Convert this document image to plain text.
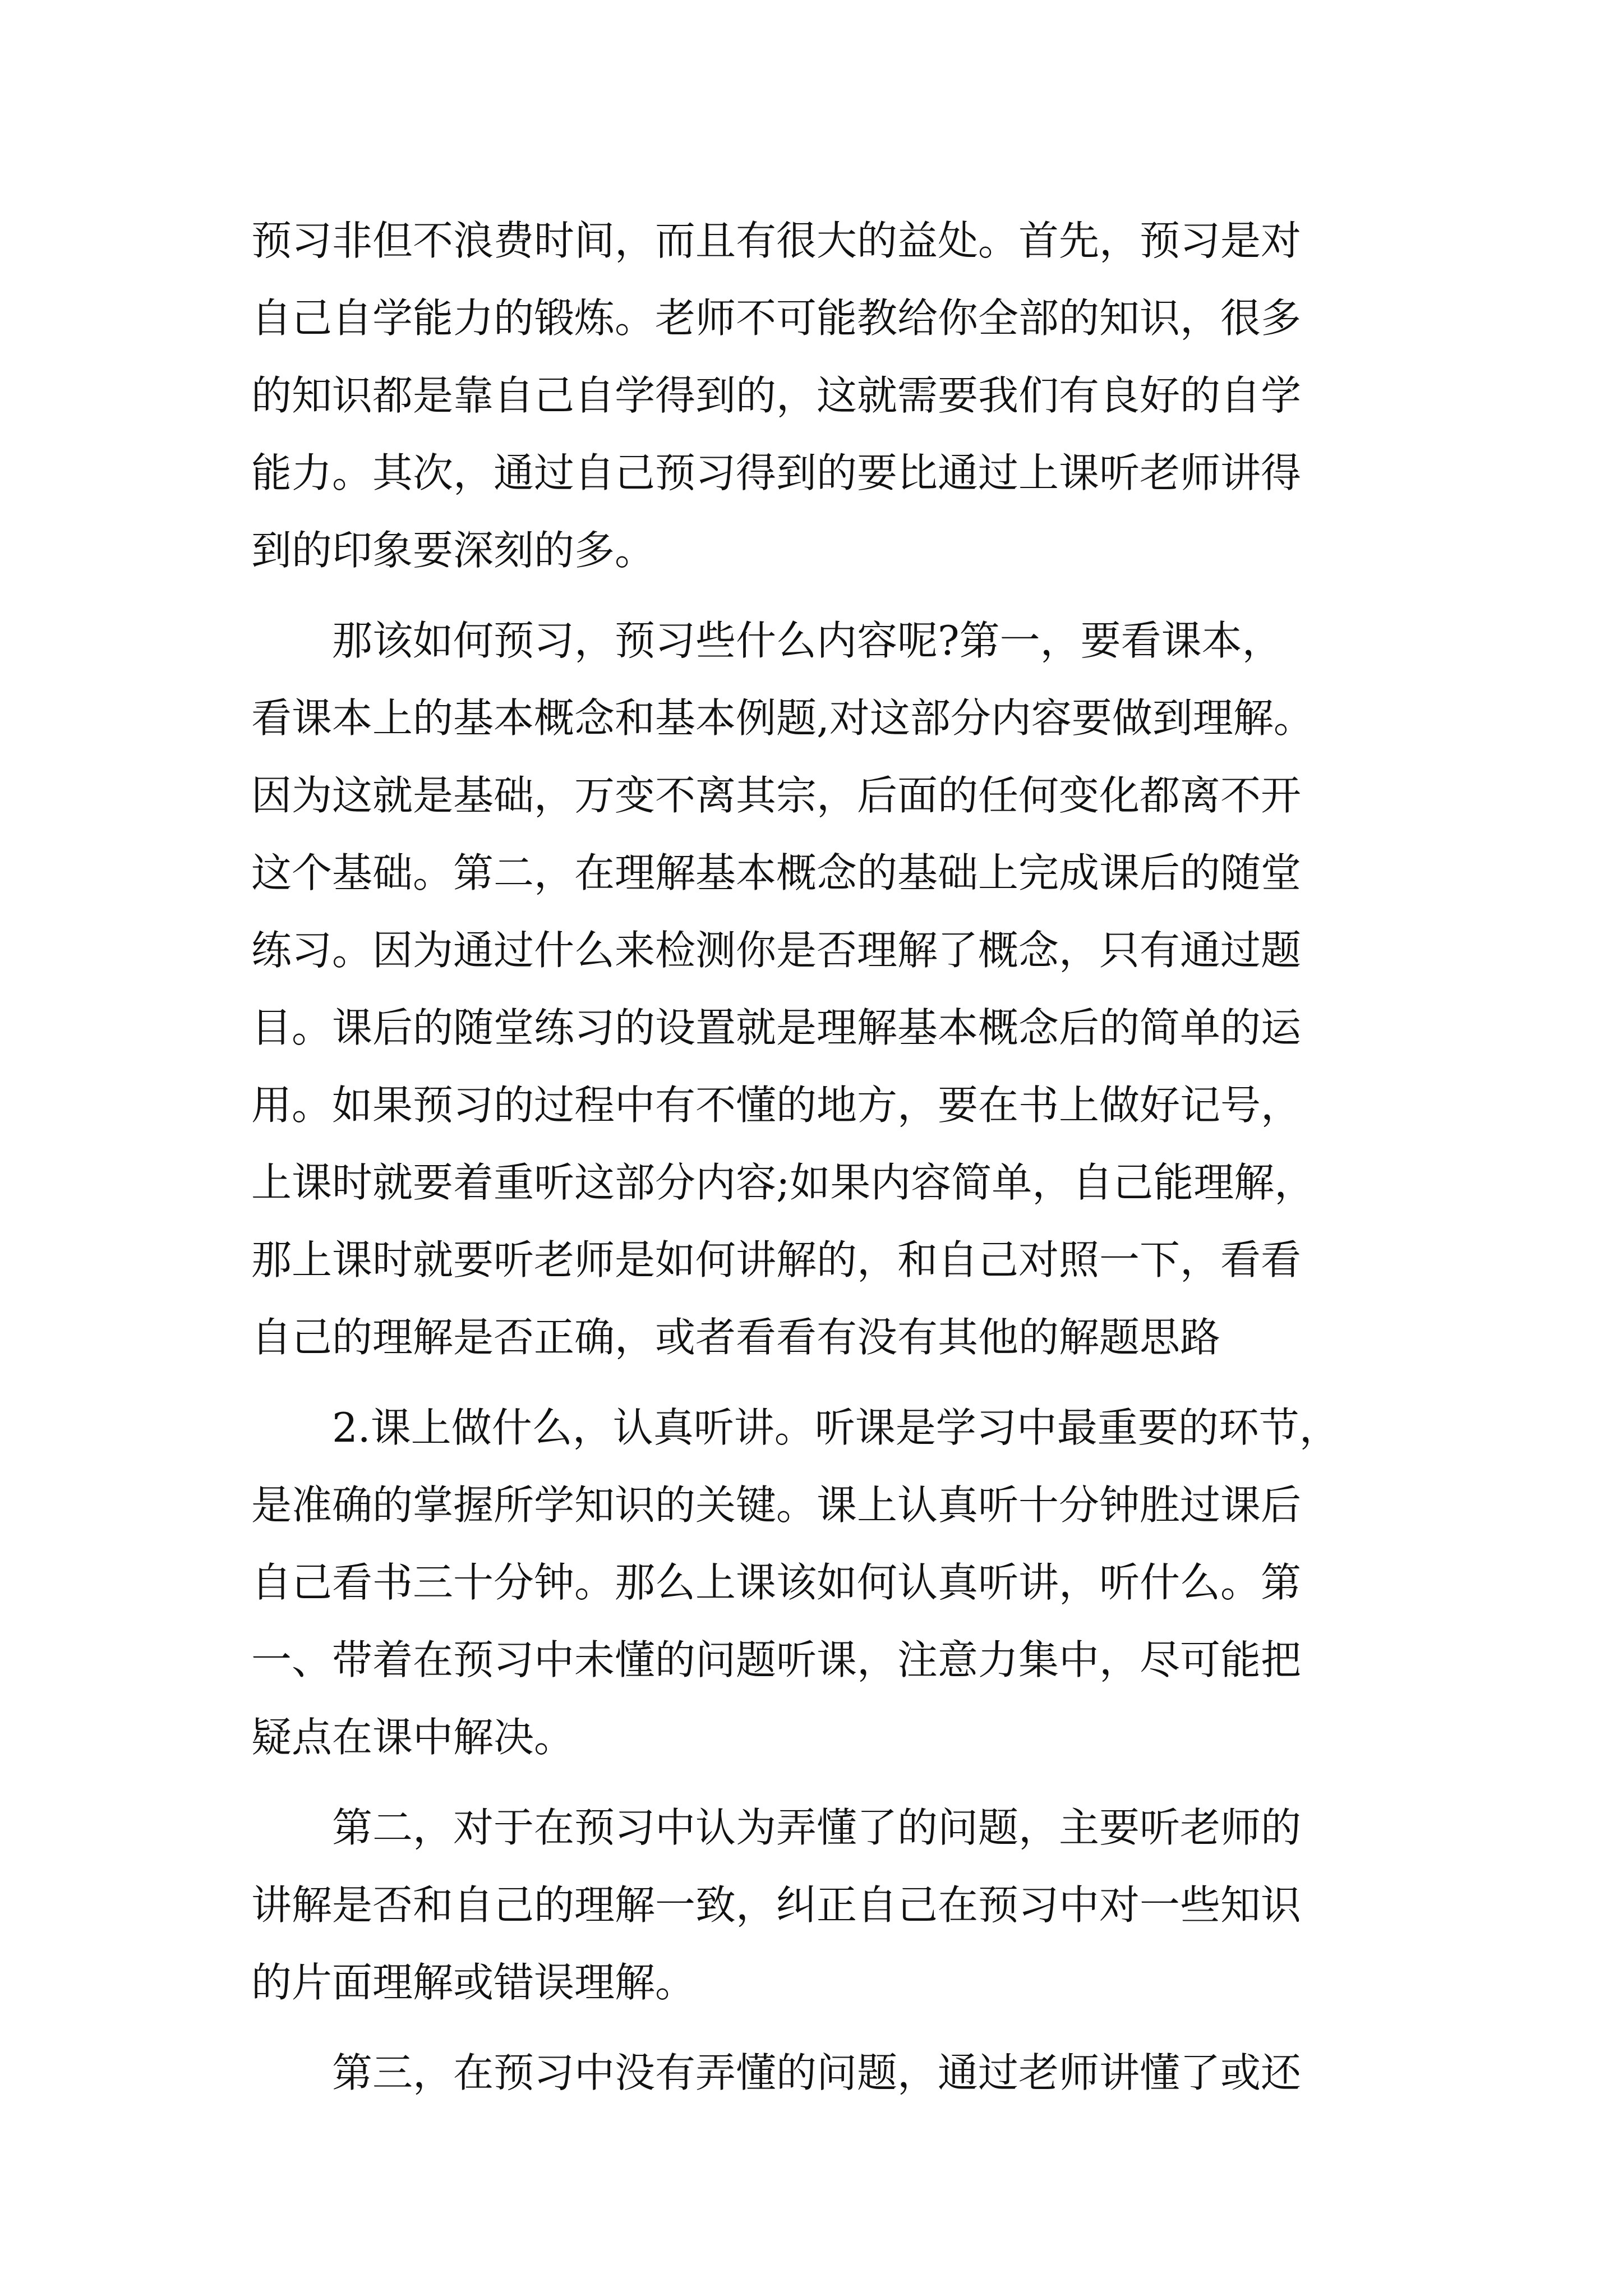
预习非但不浪费时间，而且有很大的益处。首先，预习是对
自己自学能力的锻炼。老师不可能教给你全部的知识，很多
的知识都是靠自己自学得到的，这就需要我们有良好的自学
能力。其次，通过自己预习得到的要比通过上课听老师讲得
到的印象要深刻的多。
　　那该如何预习，预习些什么内容呢?第一，要看课本，
看课本上的基本概念和基本例题,对这部分内容要做到理解。
因为这就是基础，万变不离其宗，后面的任何变化都离不开
这个基础。第二，在理解基本概念的基础上完成课后的随堂
练习。因为通过什么来检测你是否理解了概念，只有通过题
目。课后的随堂练习的设置就是理解基本概念后的简单的运
用。如果预习的过程中有不懂的地方，要在书上做好记号，
上课时就要着重听这部分内容;如果内容简单，自己能理解，
那上课时就要听老师是如何讲解的，和自己对照一下，看看
自己的理解是否正确，或者看看有没有其他的解题思路
　　2.课上做什么，认真听讲。听课是学习中最重要的环节，
是准确的掌握所学知识的关键。课上认真听十分钟胜过课后
自己看书三十分钟。那么上课该如何认真听讲，听什么。第
一、带着在预习中未懂的问题听课，注意力集中，尽可能把
疑点在课中解决。
　　第二，对于在预习中认为弄懂了的问题，主要听老师的
讲解是否和自己的理解一致，纠正自己在预习中对一些知识
的片面理解或错误理解。
　　第三，在预习中没有弄懂的问题，通过老师讲懂了或还
